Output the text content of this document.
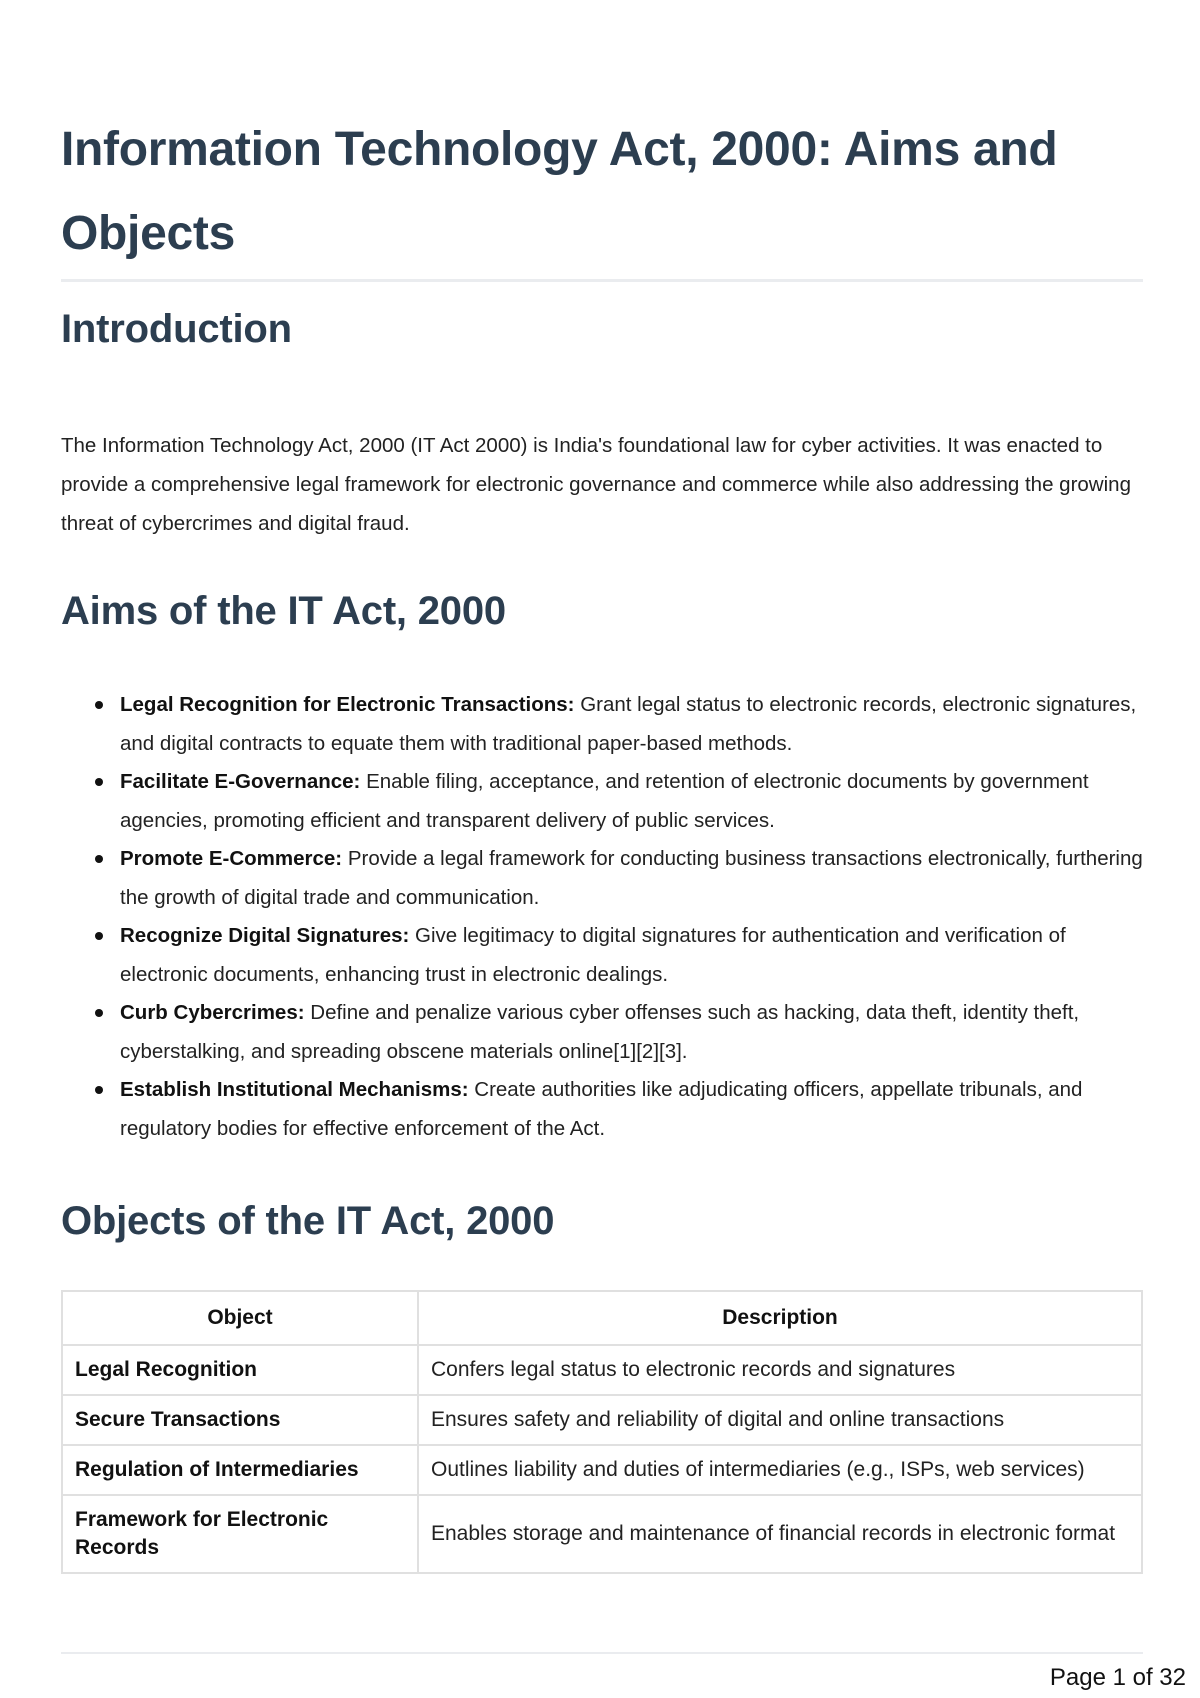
Information Technology Act, 2000: Aims and Objects
Introduction

The Information Technology Act, 2000 (IT Act 2000) is India's foundational law for cyber activities. It was enacted to provide a comprehensive legal framework for electronic governance and commerce while also addressing the growing threat of cybercrimes and digital fraud.

Aims of the IT Act, 2000
Legal Recognition for Electronic Transactions: Grant legal status to electronic records, electronic signatures, and digital contracts to equate them with traditional paper-based methods.
Facilitate E-Governance: Enable filing, acceptance, and retention of electronic documents by government agencies, promoting efficient and transparent delivery of public services.
Promote E-Commerce: Provide a legal framework for conducting business transactions electronically, furthering the growth of digital trade and communication.
Recognize Digital Signatures: Give legitimacy to digital signatures for authentication and verification of electronic documents, enhancing trust in electronic dealings.
Curb Cybercrimes: Define and penalize various cyber offenses such as hacking, data theft, identity theft, cyberstalking, and spreading obscene materials online[1][2][3].
Establish Institutional Mechanisms: Create authorities like adjudicating officers, appellate tribunals, and regulatory bodies for effective enforcement of the Act.
Objects of the IT Act, 2000
Object	Description
Legal Recognition	Confers legal status to electronic records and signatures
Secure Transactions	Ensures safety and reliability of digital and online transactions
Regulation of Intermediaries	Outlines liability and duties of intermediaries (e.g., ISPs, web services)
Framework for Electronic Records	Enables storage and maintenance of financial records in electronic format
Page 1 of 32
